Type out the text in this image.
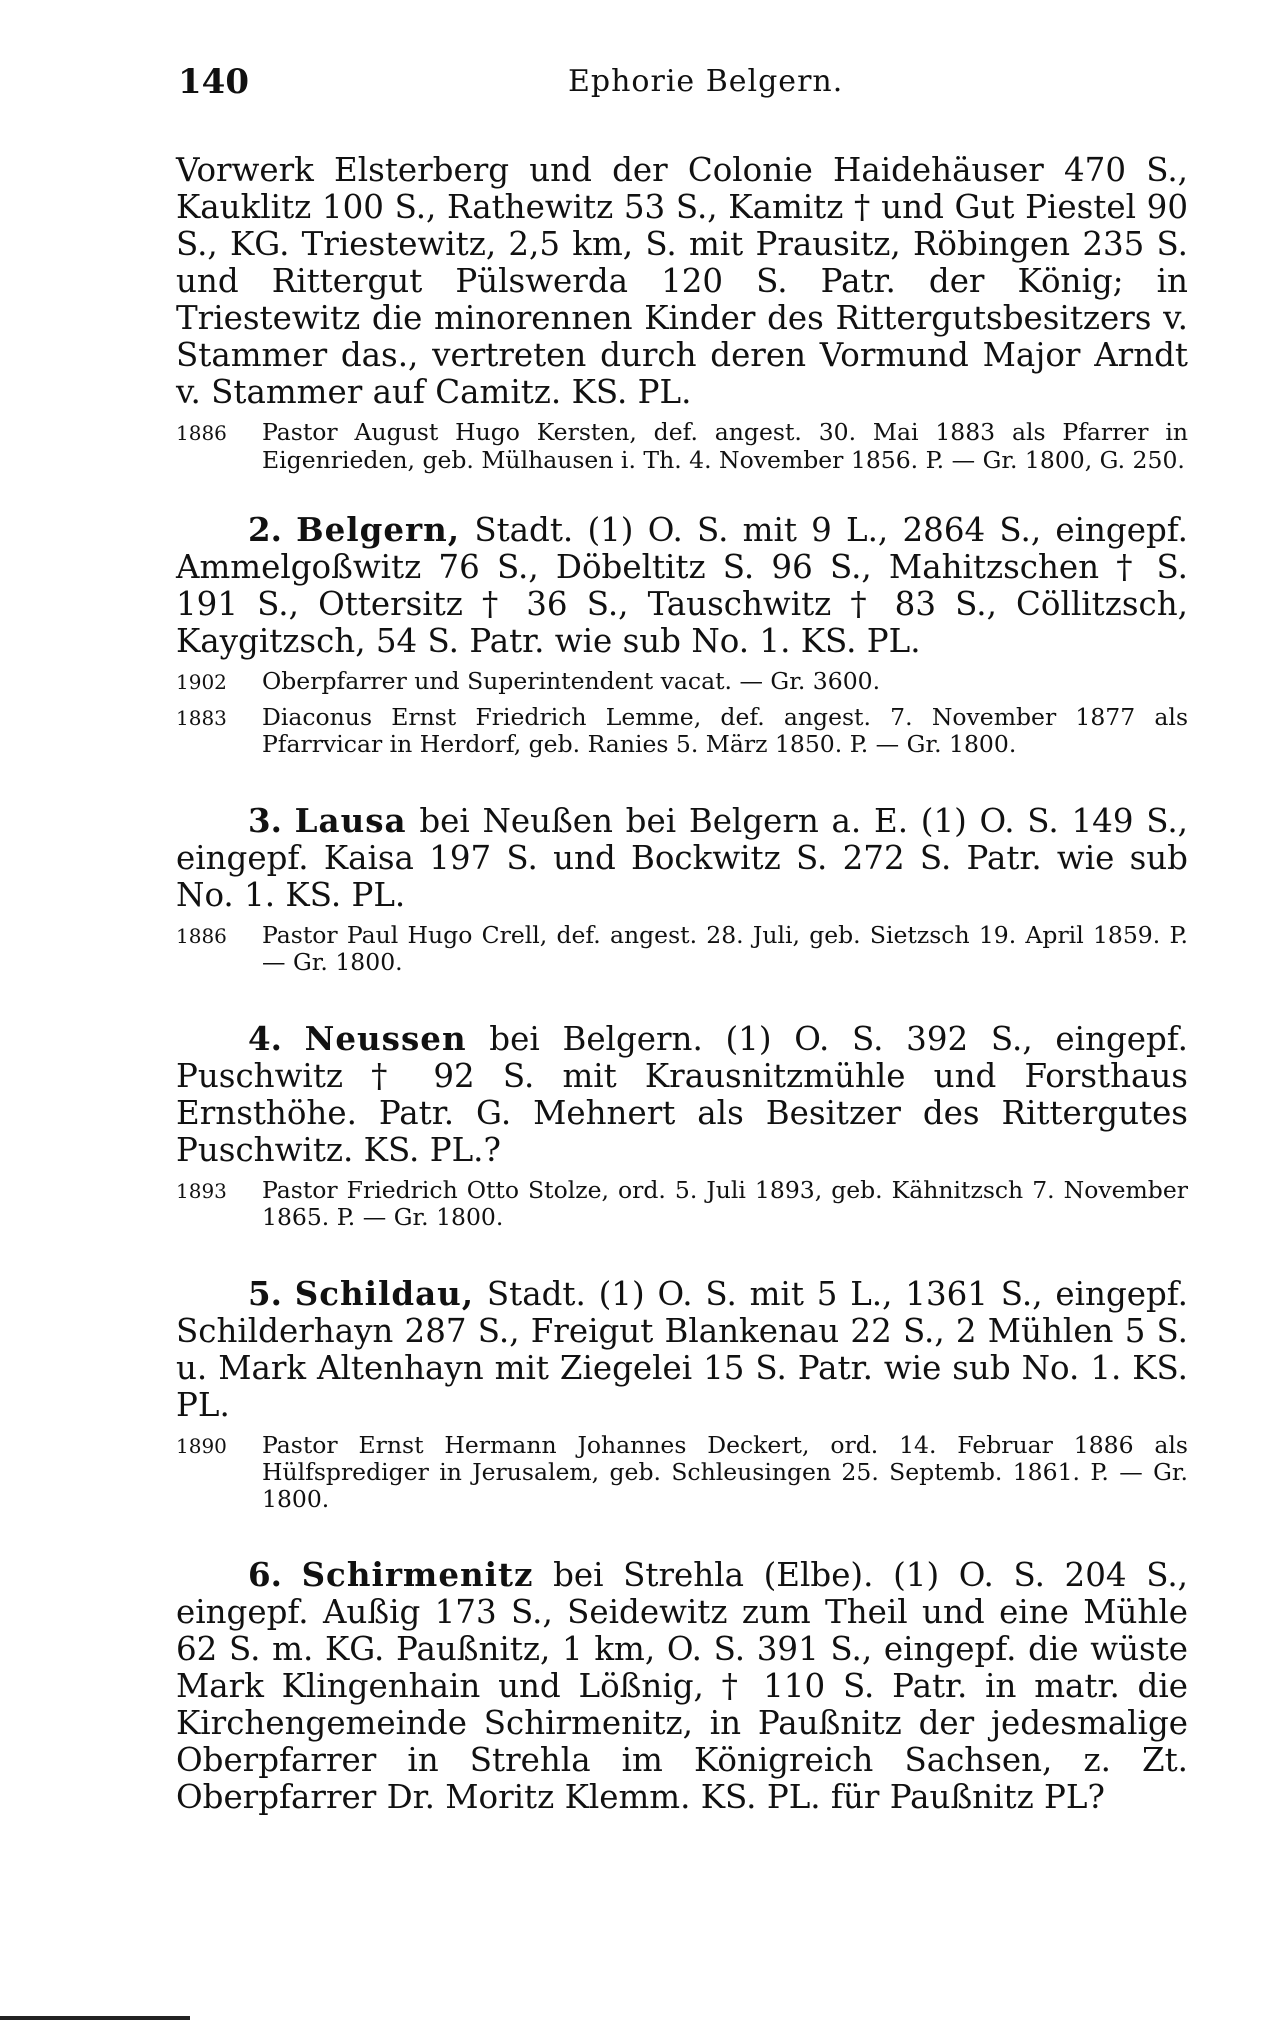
140	Ephorie Belgern.

Vorwerk Elsterberg und der Colonie Haidehäuser 470 S., Kauklitz 100 S., Rathewitz 53 S., Kamitz † und Gut Piestel 90 S., KG. Triestewitz, 2,5 km, S. mit Prausitz, Röbingen 235 S. und Rittergut Pülswerda 120 S. Patr. der König; in Triestewitz die minorennen Kinder des Rittergutsbesitzers v. Stammer das., vertreten durch deren Vormund Major Arndt v. Stammer auf Camitz. KS. PL.

1886 Pastor August Hugo Kersten, def. angest. 30. Mai 1883 als Pfarrer in Eigenrieden, geb. Mülhausen i. Th. 4. November 1856. P. — Gr. 1800, G. 250.

2. Belgern, Stadt. (1) O. S. mit 9 L., 2864 S., eingepf. Ammelgoßwitz 76 S., Döbeltitz S. 96 S., Mahitzschen † S. 191 S., Ottersitz † 36 S., Tauschwitz † 83 S., Cöllitzsch, Kaygitzsch, 54 S. Patr. wie sub No. 1. KS. PL.

1902 Oberpfarrer und Superintendent vacat. — Gr. 3600.

1883 Diaconus Ernst Friedrich Lemme, def. angest. 7. November 1877 als Pfarrvicar in Herdorf, geb. Ranies 5. März 1850. P. — Gr. 1800.

3. Lausa bei Neußen bei Belgern a. E. (1) O. S. 149 S., eingepf. Kaisa 197 S. und Bockwitz S. 272 S. Patr. wie sub No. 1. KS. PL.

1886 Pastor Paul Hugo Crell, def. angest. 28. Juli, geb. Sietzsch 19. April 1859. P. — Gr. 1800.

4. Neussen bei Belgern. (1) O. S. 392 S., eingepf. Puschwitz † 92 S. mit Krausnitzmühle und Forsthaus Ernsthöhe. Patr. G. Mehnert als Besitzer des Rittergutes Puschwitz. KS. PL.?

1893 Pastor Friedrich Otto Stolze, ord. 5. Juli 1893, geb. Kähnitzsch 7. November 1865. P. — Gr. 1800.

5. Schildau, Stadt. (1) O. S. mit 5 L., 1361 S., eingepf. Schilderhayn 287 S., Freigut Blankenau 22 S., 2 Mühlen 5 S. u. Mark Altenhayn mit Ziegelei 15 S. Patr. wie sub No. 1. KS. PL.

1890 Pastor Ernst Hermann Johannes Deckert, ord. 14. Februar 1886 als Hülfsprediger in Jerusalem, geb. Schleusingen 25. Septemb. 1861. P. — Gr. 1800.

6. Schirmenitz bei Strehla (Elbe). (1) O. S. 204 S., eingepf. Außig 173 S., Seidewitz zum Theil und eine Mühle 62 S. m. KG. Paußnitz, 1 km, O. S. 391 S., eingepf. die wüste Mark Klingenhain und Lößnig, † 110 S. Patr. in matr. die Kirchengemeinde Schirmenitz, in Paußnitz der jedesmalige Oberpfarrer in Strehla im Königreich Sachsen, z. Zt. Oberpfarrer Dr. Moritz Klemm. KS. PL. für Paußnitz PL?
